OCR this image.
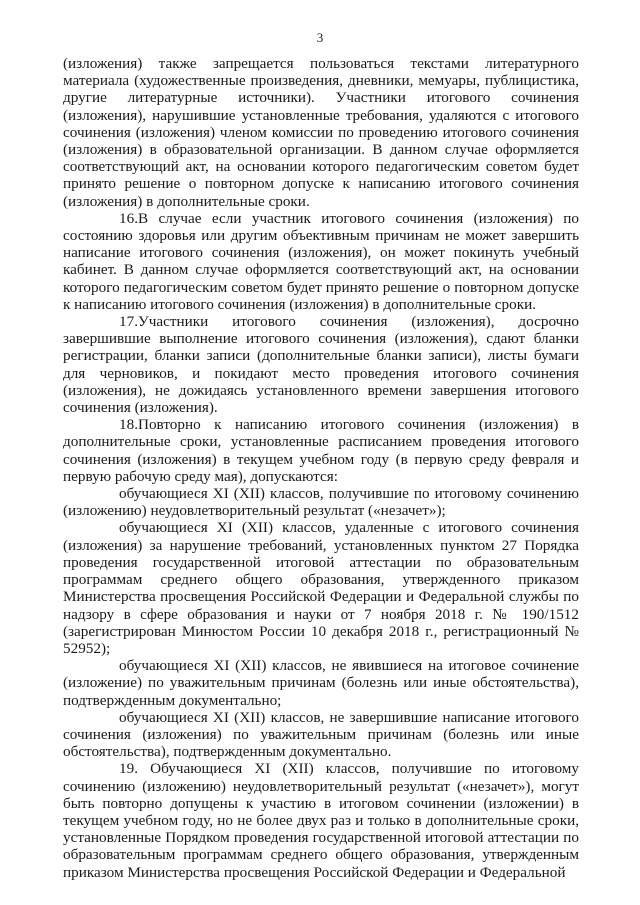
3

(изложения) также запрещается пользоваться текстами литературного материала (художественные произведения, дневники, мемуары, публицистика, другие литературные источники). Участники итогового сочинения (изложения), нарушившие установленные требования, удаляются с итогового сочинения (изложения) членом комиссии по проведению итогового сочинения (изложения) в образовательной организации. В данном случае оформляется соответствующий акт, на основании которого педагогическим советом будет принято решение о повторном допуске к написанию итогового сочинения (изложения) в дополнительные сроки.

16.В случае если участник итогового сочинения (изложения) по состоянию здоровья или другим объективным причинам не может завершить написание итогового сочинения (изложения), он может покинуть учебный кабинет. В данном случае оформляется соответствующий акт, на основании которого педагогическим советом будет принято решение о повторном допуске к написанию итогового сочинения (изложения) в дополнительные сроки.

17.Участники итогового сочинения (изложения), досрочно завершившие выполнение итогового сочинения (изложения), сдают бланки регистрации, бланки записи (дополнительные бланки записи), листы бумаги для черновиков, и покидают место проведения итогового сочинения (изложения), не дожидаясь установленного времени завершения итогового сочинения (изложения).

18.Повторно к написанию итогового сочинения (изложения) в дополнительные сроки, установленные расписанием проведения итогового сочинения (изложения) в текущем учебном году (в первую среду февраля и первую рабочую среду мая), допускаются:

обучающиеся XI (XII) классов, получившие по итоговому сочинению (изложению) неудовлетворительный результат («незачет»);

обучающиеся XI (XII) классов, удаленные с итогового сочинения (изложения) за нарушение требований, установленных пунктом 27 Порядка проведения государственной итоговой аттестации по образовательным программам среднего общего образования, утвержденного приказом Министерства просвещения Российской Федерации и Федеральной службы по надзору в сфере образования и науки от 7 ноября 2018 г. № 190/1512 (зарегистрирован Минюстом России 10 декабря 2018 г., регистрационный № 52952);

обучающиеся XI (XII) классов, не явившиеся на итоговое сочинение (изложение) по уважительным причинам (болезнь или иные обстоятельства), подтвержденным документально;

обучающиеся XI (XII) классов, не завершившие написание итогового сочинения (изложения) по уважительным причинам (болезнь или иные обстоятельства), подтвержденным документально.

19. Обучающиеся XI (XII) классов, получившие по итоговому сочинению (изложению) неудовлетворительный результат («незачет»), могут быть повторно допущены к участию в итоговом сочинении (изложении) в текущем учебном году, но не более двух раз и только в дополнительные сроки, установленные Порядком проведения государственной итоговой аттестации по образовательным программам среднего общего образования, утвержденным приказом Министерства просвещения Российской Федерации и Федеральной
